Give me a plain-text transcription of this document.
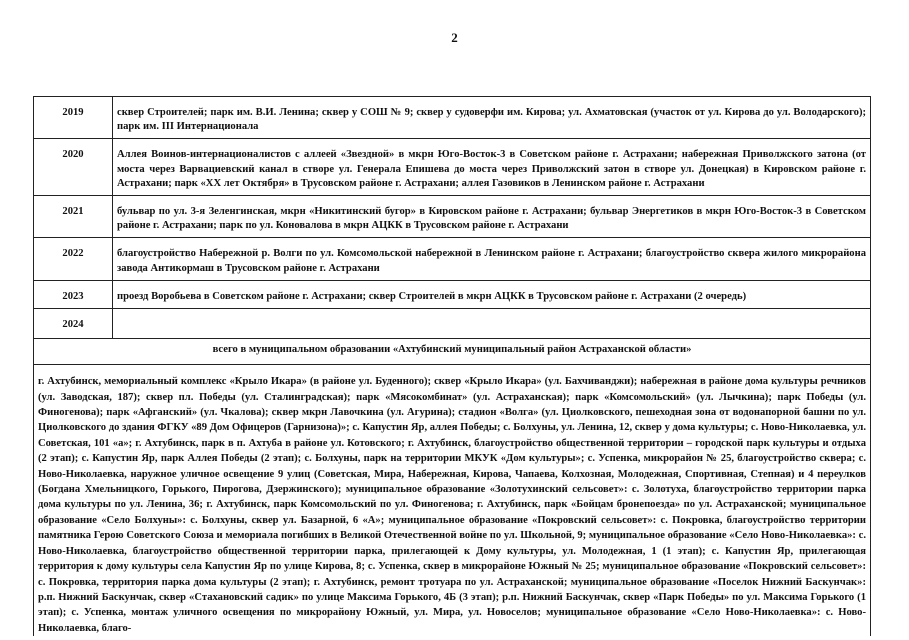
2
2019	сквер Строителей; парк им. В.И. Ленина; сквер у СОШ № 9; сквер у судоверфи им. Кирова; ул. Ахматовская (участок от ул. Кирова до ул. Володарского); парк им. III Интернационала
2020	Аллея Воинов-интернационалистов с аллеей «Звездной» в мкрн Юго-Восток-3 в Советском районе г. Астрахани; набережная Приволжского затона (от моста через Варвациевский канал в створе ул. Генерала Епишева до моста через Приволжский затон в створе ул. Донецкая) в Кировском районе г. Астрахани; парк «XX лет Октября» в Трусовском районе г. Астрахани; аллея Газовиков в Ленинском районе г. Астрахани
2021	бульвар по ул. 3-я Зеленгинская, мкрн «Никитинский бугор» в Кировском районе г. Астрахани; бульвар Энергетиков в мкрн Юго-Восток-3 в Советском районе г. Астрахани; парк по ул. Коновалова в мкрн АЦКК в Трусовском районе г. Астрахани
2022	благоустройство Набережной р. Волги по ул. Комсомольской набережной в Ленинском районе г. Астрахани; благоустройство сквера жилого микрорайона завода Антикормаш в Трусовском районе г. Астрахани
2023	проезд Воробьева в Советском районе г. Астрахани; сквер Строителей в мкрн АЦКК в Трусовском районе г. Астрахани (2 очередь)
2024	
всего в муниципальном образовании «Ахтубинский муниципальный район Астраханской области»	
г. Ахтубинск, мемориальный комплекс «Крыло Икара» (в районе ул. Буденного); сквер «Крыло Икара» (ул. Бахчиванджи); набережная в районе дома культуры речников (ул. Заводская, 187); сквер пл. Победы (ул. Сталинградская); парк «Мясокомбинат» (ул. Астраханская); парк «Комсомольский» (ул. Лычкина); парк Победы (ул. Финогенова); парк «Афганский» (ул. Чкалова); сквер мкрн Лавочкина (ул. Агурина); стадион «Волга» (ул. Циолковского, пешеходная зона от водонапорной башни по ул. Циолковского до здания ФГКУ «89 Дом Офицеров (Гарнизона)»; с. Капустин Яр, аллея Победы; с. Болхуны, ул. Ленина, 12, сквер у дома культуры; с. Ново-Николаевка, ул. Советская, 101 «а»; г. Ахтубинск, парк в п. Ахтуба в районе ул. Котовского; г. Ахтубинск, благоустройство общественной территории – городской парк культуры и отдыха (2 этап); с. Капустин Яр, парк Аллея Победы (2 этап); с. Болхуны, парк на территории МКУК «Дом культуры»; с. Успенка, микрорайон № 25, благоустройство сквера; с. Ново-Николаевка, наружное уличное освещение 9 улиц (Советская, Мира, Набережная, Кирова, Чапаева, Колхозная, Молодежная, Спортивная, Степная) и 4 переулков (Богдана Хмельницкого, Горького, Пирогова, Дзержинского); муниципальное образование «Золотухинский сельсовет»: с. Золотуха, благоустройство территории парка дома культуры по ул. Ленина, 36; г. Ахтубинск, парк Комсомольский по ул. Финогенова; г. Ахтубинск, парк «Бойцам бронепоезда» по ул. Астраханской; муниципальное образование «Село Болхуны»: с. Болхуны, сквер ул. Базарной, 6 «А»; муниципальное образование «Покровский сельсовет»: с. Покровка, благоустройство территории памятника Герою Советского Союза и мемориала погибших в Великой Отечественной войне по ул. Школьной, 9; муниципальное образование «Село Ново-Николаевка»: с. Ново-Николаевка, благоустройство общественной территории парка, прилегающей к Дому культуры, ул. Молодежная, 1 (1 этап); с. Капустин Яр, прилегающая территория к дому культуры села Капустин Яр по улице Кирова, 8; с. Успенка, сквер в микрорайоне Южный № 25; муниципальное образование «Покровский сельсовет»: с. Покровка, территория парка дома культуры (2 этап); г. Ахтубинск, ремонт тротуара по ул. Астраханской; муниципальное образование «Поселок Нижний Баскунчак»: р.п. Нижний Баскунчак, сквер «Стахановский садик» по улице Максима Горького, 4Б (3 этап); р.п. Нижний Баскунчак, сквер «Парк Победы» по ул. Максима Горького (1 этап); с. Успенка, монтаж уличного освещения по микрорайону Южный, ул. Мира, ул. Новоселов; муниципальное образование «Село Ново-Николаевка»: с. Ново-Николаевка, благо-	
